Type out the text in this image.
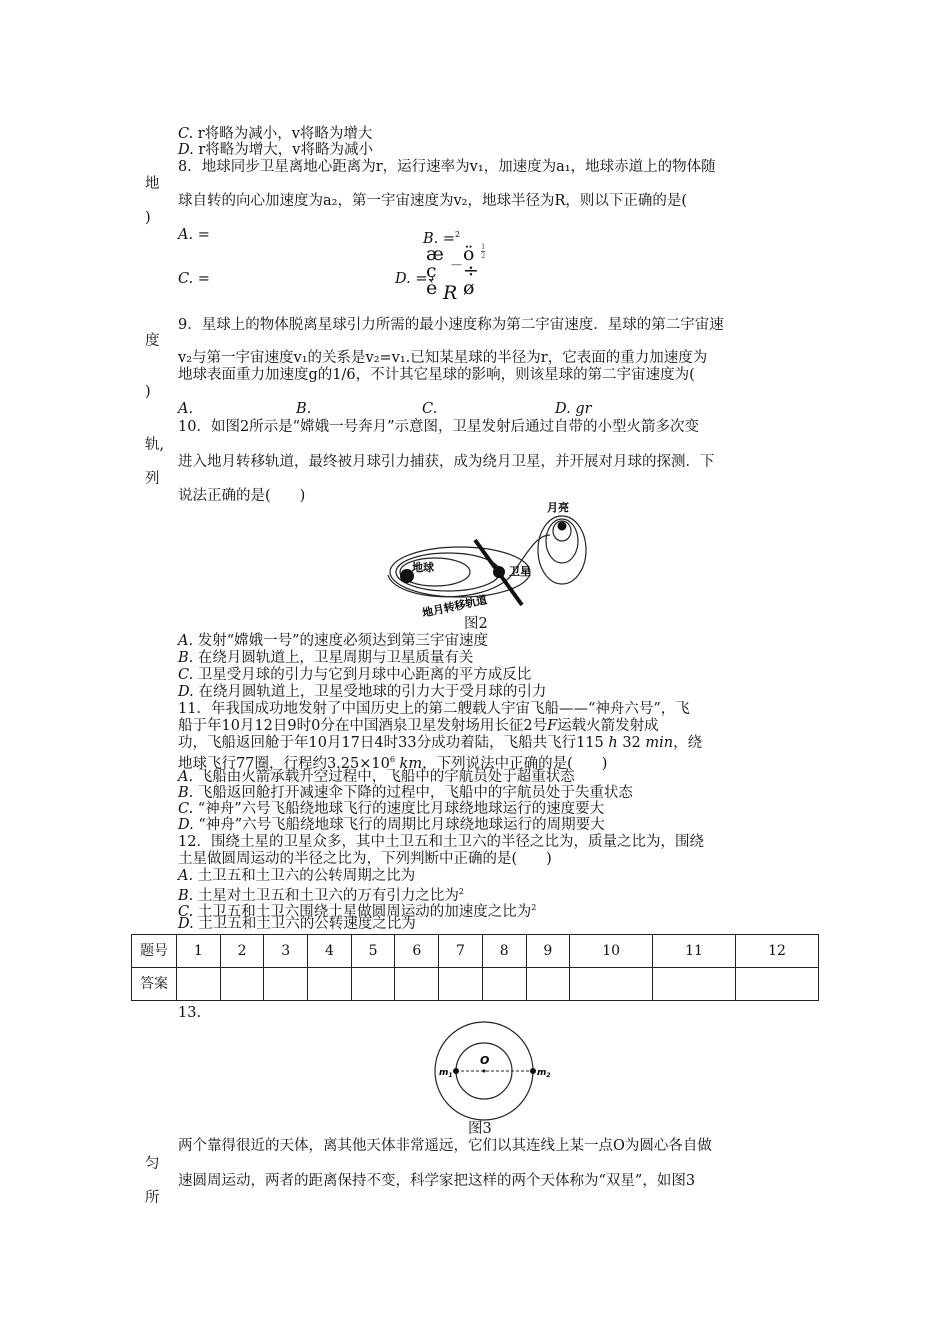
C. r将略为减小，v将略为增大
D. r将略为增大，v将略为减小
8．地球同步卫星离地心距离为r，运行速率为v₁，加速度为a₁，地球赤道上的物体随
地
球自转的向心加速度为a₂，第一宇宙速度为v₂，地球半径为R，则以下正确的是(
)
A. =	B. =$^2$
C. =	D. =
æ
ç
è R
— ö
÷
ø
$\frac{1}{2}$
9．星球上的物体脱离星球引力所需的最小速度称为第二宇宙速度．星球的第二宇宙速
度
v₂与第一宇宙速度v₁的关系是v₂=v₁.已知某星球的半径为r，它表面的重力加速度为
地球表面重力加速度g的1/6，不计其它星球的影响，则该星球的第二宇宙速度为(
)
A.	B.	C.	D. gr
10．如图2所示是“嫦娥一号奔月”示意图，卫星发射后通过自带的小型火箭多次变
轨,
进入地月转移轨道，最终被月球引力捕获，成为绕月卫星，并开展对月球的探测．下
列
说法正确的是(　　)
地球	卫星
月亮
地月转移轨道
图2
A. 发射“嫦娥一号”的速度必须达到第三宇宙速度
B. 在绕月圆轨道上，卫星周期与卫星质量有关
C. 卫星受月球的引力与它到月球中心距离的平方成反比
D. 在绕月圆轨道上，卫星受地球的引力大于受月球的引力
11．年我国成功地发射了中国历史上的第二艘载人宇宙飞船——“神舟六号”，飞
船于年10月12日9时0分在中国酒泉卫星发射场用长征2号F运载火箭发射成
功，飞船返回舱于年10月17日4时33分成功着陆，飞船共飞行115 h 32 min，绕
地球飞行77圈，行程约$3.25\times 10^6$ km，下列说法中正确的是(　　)
A. 飞船由火箭承载升空过程中，飞船中的宇航员处于超重状态
B. 飞船返回舱打开减速伞下降的过程中，飞船中的宇航员处于失重状态
C. “神舟”六号飞船绕地球飞行的速度比月球绕地球运行的速度要大
D. “神舟”六号飞船绕地球飞行的周期比月球绕地球运行的周期要大
12．围绕土星的卫星众多，其中土卫五和土卫六的半径之比为，质量之比为，围绕
土星做圆周运动的半径之比为，下列判断中正确的是(　　)
A. 土卫五和土卫六的公转周期之比为
B. 土星对土卫五和土卫六的万有引力之比为$^2$
C. 土卫五和土卫六围绕土星做圆周运动的加速度之比为$^2$
D. 土卫五和土卫六的公转速度之比为
题号	1	2	3	4	5	6	7	8	9	10	11	12
答案												
13.
O
$m_1$	$m_2$
图3
两个靠得很近的天体，离其他天体非常遥远，它们以其连线上某一点O为圆心各自做
匀
速圆周运动，两者的距离保持不变，科学家把这样的两个天体称为“双星”，如图3
所
